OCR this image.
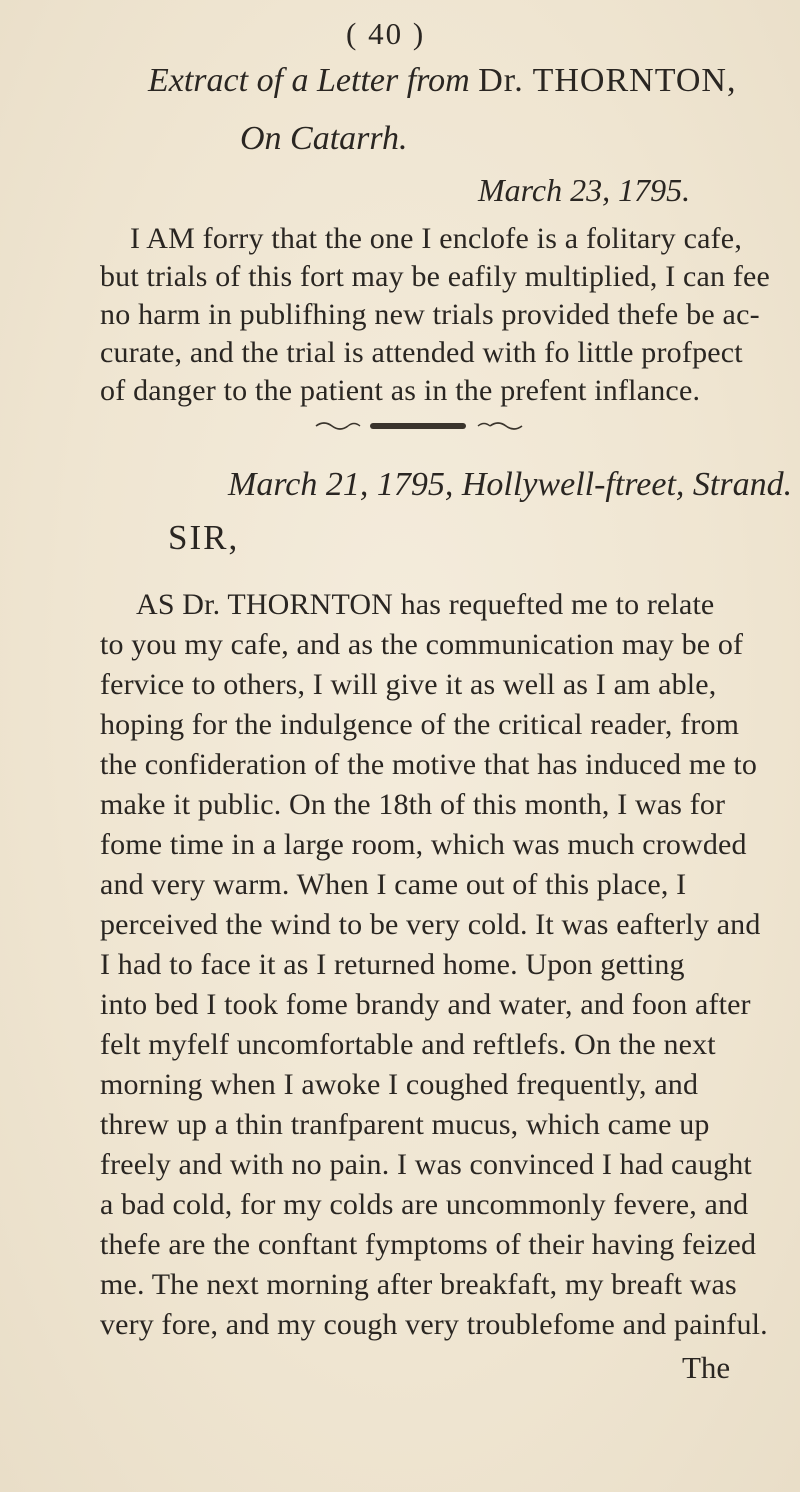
( 40 )
Extract of a Letter from Dr. THORNTON,
On Catarrh.
March 23, 1795.
I AM forry that the one I enclofe is a folitary cafe,
but trials of this fort may be eafily multiplied, I can fee
no harm in publifhing new trials provided thefe be ac-
curate, and the trial is attended with fo little profpect
of danger to the patient as in the prefent inflance.
March 21, 1795, Hollywell-ftreet, Strand.
SIR,
AS Dr. THORNTON has requefted me to relate
to you my cafe, and as the communication may be of
fervice to others, I will give it as well as I am able,
hoping for the indulgence of the critical reader, from
the confideration of the motive that has induced me to
make it public. On the 18th of this month, I was for
fome time in a large room, which was much crowded
and very warm. When I came out of this place, I
perceived the wind to be very cold. It was eafterly and
I had to face it as I returned home. Upon getting
into bed I took fome brandy and water, and foon after
felt myfelf uncomfortable and reftlefs. On the next
morning when I awoke I coughed frequently, and
threw up a thin tranfparent mucus, which came up
freely and with no pain. I was convinced I had caught
a bad cold, for my colds are uncommonly fevere, and
thefe are the conftant fymptoms of their having feized
me. The next morning after breakfaft, my breaft was
very fore, and my cough very troublefome and painful.
The
